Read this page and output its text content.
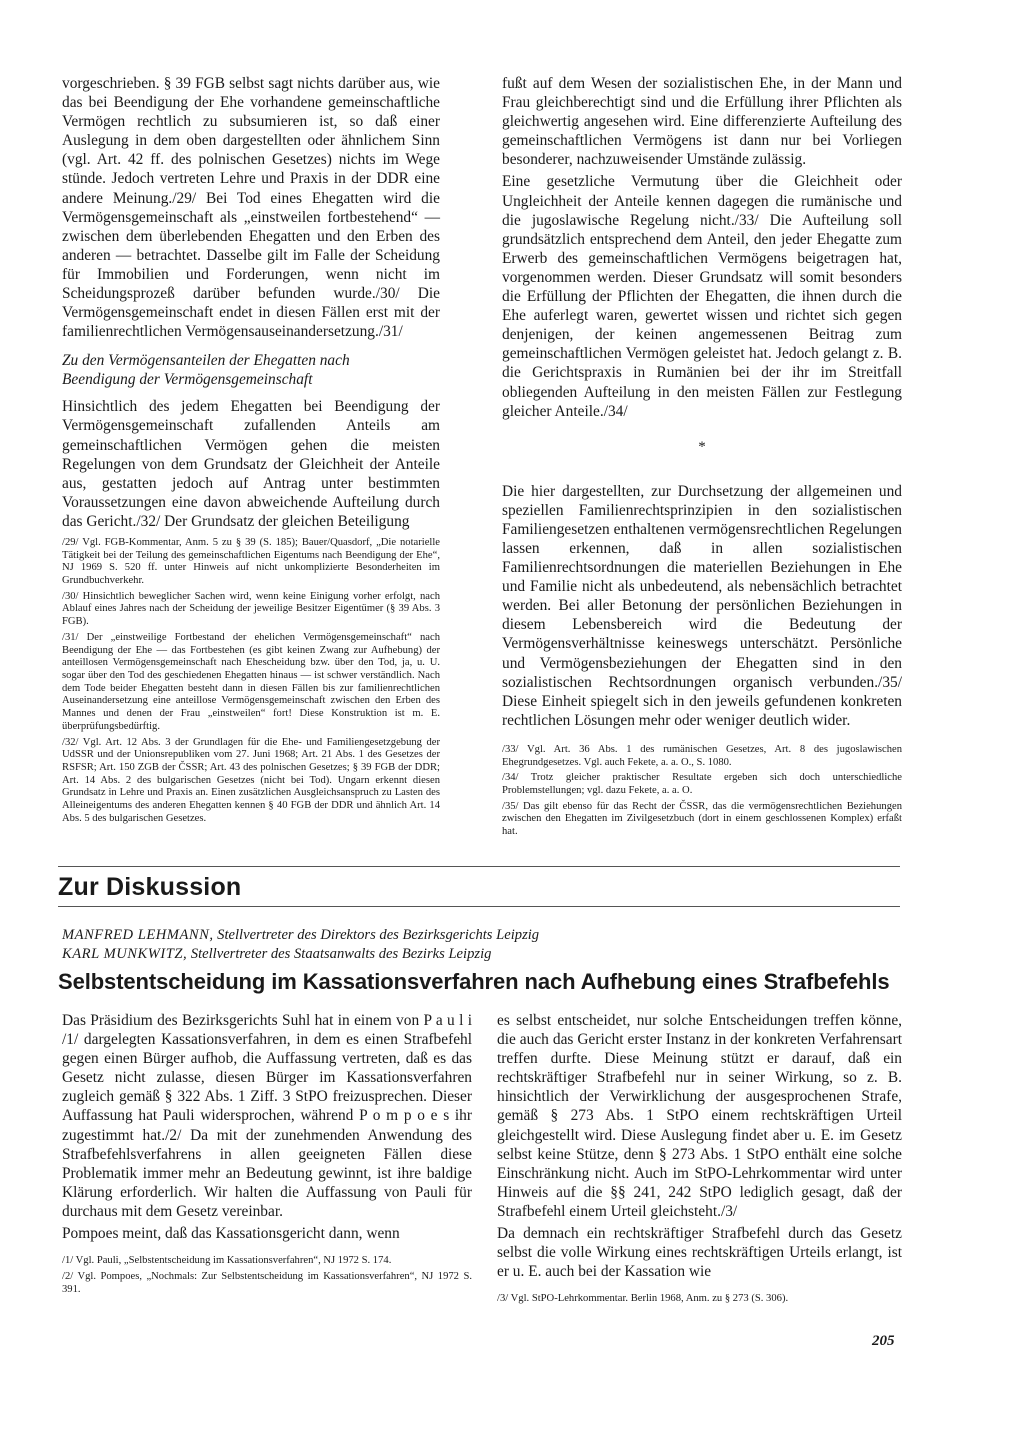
vorgeschrieben. § 39 FGB selbst sagt nichts darüber aus, wie das bei Beendigung der Ehe vorhandene gemeinschaftliche Vermögen rechtlich zu subsumieren ist, so daß einer Auslegung in dem oben dargestellten oder ähnlichem Sinn (vgl. Art. 42 ff. des polnischen Gesetzes) nichts im Wege stünde. Jedoch vertreten Lehre und Praxis in der DDR eine andere Meinung./29/ Bei Tod eines Ehegatten wird die Vermögensgemeinschaft als „einstweilen fortbestehend“ — zwischen dem überlebenden Ehegatten und den Erben des anderen — betrachtet. Dasselbe gilt im Falle der Scheidung für Immobilien und Forderungen, wenn nicht im Scheidungsprozeß darüber befunden wurde./30/ Die Vermögensgemeinschaft endet in diesen Fällen erst mit der familienrechtlichen Vermögensauseinandersetzung./31/

Zu den Vermögensanteilen der Ehegatten nach Beendigung der Vermögensgemeinschaft

Hinsichtlich des jedem Ehegatten bei Beendigung der Vermögensgemeinschaft zufallenden Anteils am gemeinschaftlichen Vermögen gehen die meisten Regelungen von dem Grundsatz der Gleichheit der Anteile aus, gestatten jedoch auf Antrag unter bestimmten Voraussetzungen eine davon abweichende Aufteilung durch das Gericht./32/ Der Grundsatz der gleichen Beteiligung

/29/ Vgl. FGB-Kommentar, Anm. 5 zu § 39 (S. 185); Bauer/Quasdorf, „Die notarielle Tätigkeit bei der Teilung des gemeinschaftlichen Eigentums nach Beendigung der Ehe“, NJ 1969 S. 520 ff. unter Hinweis auf nicht unkomplizierte Besonderheiten im Grundbuchverkehr.

/30/ Hinsichtlich beweglicher Sachen wird, wenn keine Einigung vorher erfolgt, nach Ablauf eines Jahres nach der Scheidung der jeweilige Besitzer Eigentümer (§ 39 Abs. 3 FGB).

/31/ Der „einstweilige Fortbestand der ehelichen Vermögensgemeinschaft“ nach Beendigung der Ehe — das Fortbestehen (es gibt keinen Zwang zur Aufhebung) der anteillosen Vermögensgemeinschaft nach Ehescheidung bzw. über den Tod, ja, u. U. sogar über den Tod des geschiedenen Ehegatten hinaus — ist schwer verständlich. Nach dem Tode beider Ehegatten besteht dann in diesen Fällen bis zur familienrechtlichen Auseinandersetzung eine anteillose Vermögensgemeinschaft zwischen den Erben des Mannes und denen der Frau „einstweilen“ fort! Diese Konstruktion ist m. E. überprüfungsbedürftig.

/32/ Vgl. Art. 12 Abs. 3 der Grundlagen für die Ehe- und Familiengesetzgebung der UdSSR und der Unionsrepubliken vom 27. Juni 1968; Art. 21 Abs. 1 des Gesetzes der RSFSR; Art. 150 ZGB der ČSSR; Art. 43 des polnischen Gesetzes; § 39 FGB der DDR; Art. 14 Abs. 2 des bulgarischen Gesetzes (nicht bei Tod). Ungarn erkennt diesen Grundsatz in Lehre und Praxis an. Einen zusätzlichen Ausgleichsanspruch zu Lasten des Alleineigentums des anderen Ehegatten kennen § 40 FGB der DDR und ähnlich Art. 14 Abs. 5 des bulgarischen Gesetzes.

fußt auf dem Wesen der sozialistischen Ehe, in der Mann und Frau gleichberechtigt sind und die Erfüllung ihrer Pflichten als gleichwertig angesehen wird. Eine differenzierte Aufteilung des gemeinschaftlichen Vermögens ist dann nur bei Vorliegen besonderer, nachzuweisender Umstände zulässig.

Eine gesetzliche Vermutung über die Gleichheit oder Ungleichheit der Anteile kennen dagegen die rumänische und die jugoslawische Regelung nicht./33/ Die Aufteilung soll grundsätzlich entsprechend dem Anteil, den jeder Ehegatte zum Erwerb des gemeinschaftlichen Vermögens beigetragen hat, vorgenommen werden. Dieser Grundsatz will somit besonders die Erfüllung der Pflichten der Ehegatten, die ihnen durch die Ehe auferlegt waren, gewertet wissen und richtet sich gegen denjenigen, der keinen angemessenen Beitrag zum gemeinschaftlichen Vermögen geleistet hat. Jedoch gelangt z. B. die Gerichtspraxis in Rumänien bei der ihr im Streitfall obliegenden Aufteilung in den meisten Fällen zur Festlegung gleicher Anteile./34/

*

Die hier dargestellten, zur Durchsetzung der allgemeinen und speziellen Familienrechtsprinzipien in den sozialistischen Familiengesetzen enthaltenen vermögensrechtlichen Regelungen lassen erkennen, daß in allen sozialistischen Familienrechtsordnungen die materiellen Beziehungen in Ehe und Familie nicht als unbedeutend, als nebensächlich betrachtet werden. Bei aller Betonung der persönlichen Beziehungen in diesem Lebensbereich wird die Bedeutung der Vermögensverhältnisse keineswegs unterschätzt. Persönliche und Vermögensbeziehungen der Ehegatten sind in den sozialistischen Rechtsordnungen organisch verbunden./35/ Diese Einheit spiegelt sich in den jeweils gefundenen konkreten rechtlichen Lösungen mehr oder weniger deutlich wider.

/33/ Vgl. Art. 36 Abs. 1 des rumänischen Gesetzes, Art. 8 des jugoslawischen Ehegrundgesetzes. Vgl. auch Fekete, a. a. O., S. 1080.

/34/ Trotz gleicher praktischer Resultate ergeben sich doch unterschiedliche Problemstellungen; vgl. dazu Fekete, a. a. O.

/35/ Das gilt ebenso für das Recht der ČSSR, das die vermögensrechtlichen Beziehungen zwischen den Ehegatten im Zivilgesetzbuch (dort in einem geschlossenen Komplex) erfaßt hat.

Zur Diskussion
MANFRED LEHMANN, Stellvertreter des Direktors des Bezirksgerichts Leipzig
KARL MUNKWITZ, Stellvertreter des Staatsanwalts des Bezirks Leipzig
Selbstentscheidung im Kassationsverfahren nach Aufhebung eines Strafbefehls

Das Präsidium des Bezirksgerichts Suhl hat in einem von P a u l i /1/ dargelegten Kassationsverfahren, in dem es einen Strafbefehl gegen einen Bürger aufhob, die Auffassung vertreten, daß es das Gesetz nicht zulasse, diesen Bürger im Kassationsverfahren zugleich gemäß § 322 Abs. 1 Ziff. 3 StPO freizusprechen. Dieser Auffassung hat Pauli widersprochen, während P o m p o e s ihr zugestimmt hat./2/ Da mit der zunehmenden Anwendung des Strafbefehlsverfahrens in allen geeigneten Fällen diese Problematik immer mehr an Bedeutung gewinnt, ist ihre baldige Klärung erforderlich. Wir halten die Auffassung von Pauli für durchaus mit dem Gesetz vereinbar.

Pompoes meint, daß das Kassationsgericht dann, wenn

/1/ Vgl. Pauli, „Selbstentscheidung im Kassationsverfahren“, NJ 1972 S. 174.

/2/ Vgl. Pompoes, „Nochmals: Zur Selbstentscheidung im Kassationsverfahren“, NJ 1972 S. 391.

es selbst entscheidet, nur solche Entscheidungen treffen könne, die auch das Gericht erster Instanz in der konkreten Verfahrensart treffen durfte. Diese Meinung stützt er darauf, daß ein rechtskräftiger Strafbefehl nur in seiner Wirkung, so z. B. hinsichtlich der Verwirklichung der ausgesprochenen Strafe, gemäß § 273 Abs. 1 StPO einem rechtskräftigen Urteil gleichgestellt wird. Diese Auslegung findet aber u. E. im Gesetz selbst keine Stütze, denn § 273 Abs. 1 StPO enthält eine solche Einschränkung nicht. Auch im StPO-Lehrkommentar wird unter Hinweis auf die §§ 241, 242 StPO lediglich gesagt, daß der Strafbefehl einem Urteil gleichsteht./3/

Da demnach ein rechtskräftiger Strafbefehl durch das Gesetz selbst die volle Wirkung eines rechtskräftigen Urteils erlangt, ist er u. E. auch bei der Kassation wie

/3/ Vgl. StPO-Lehrkommentar. Berlin 1968, Anm. zu § 273 (S. 306).

205
